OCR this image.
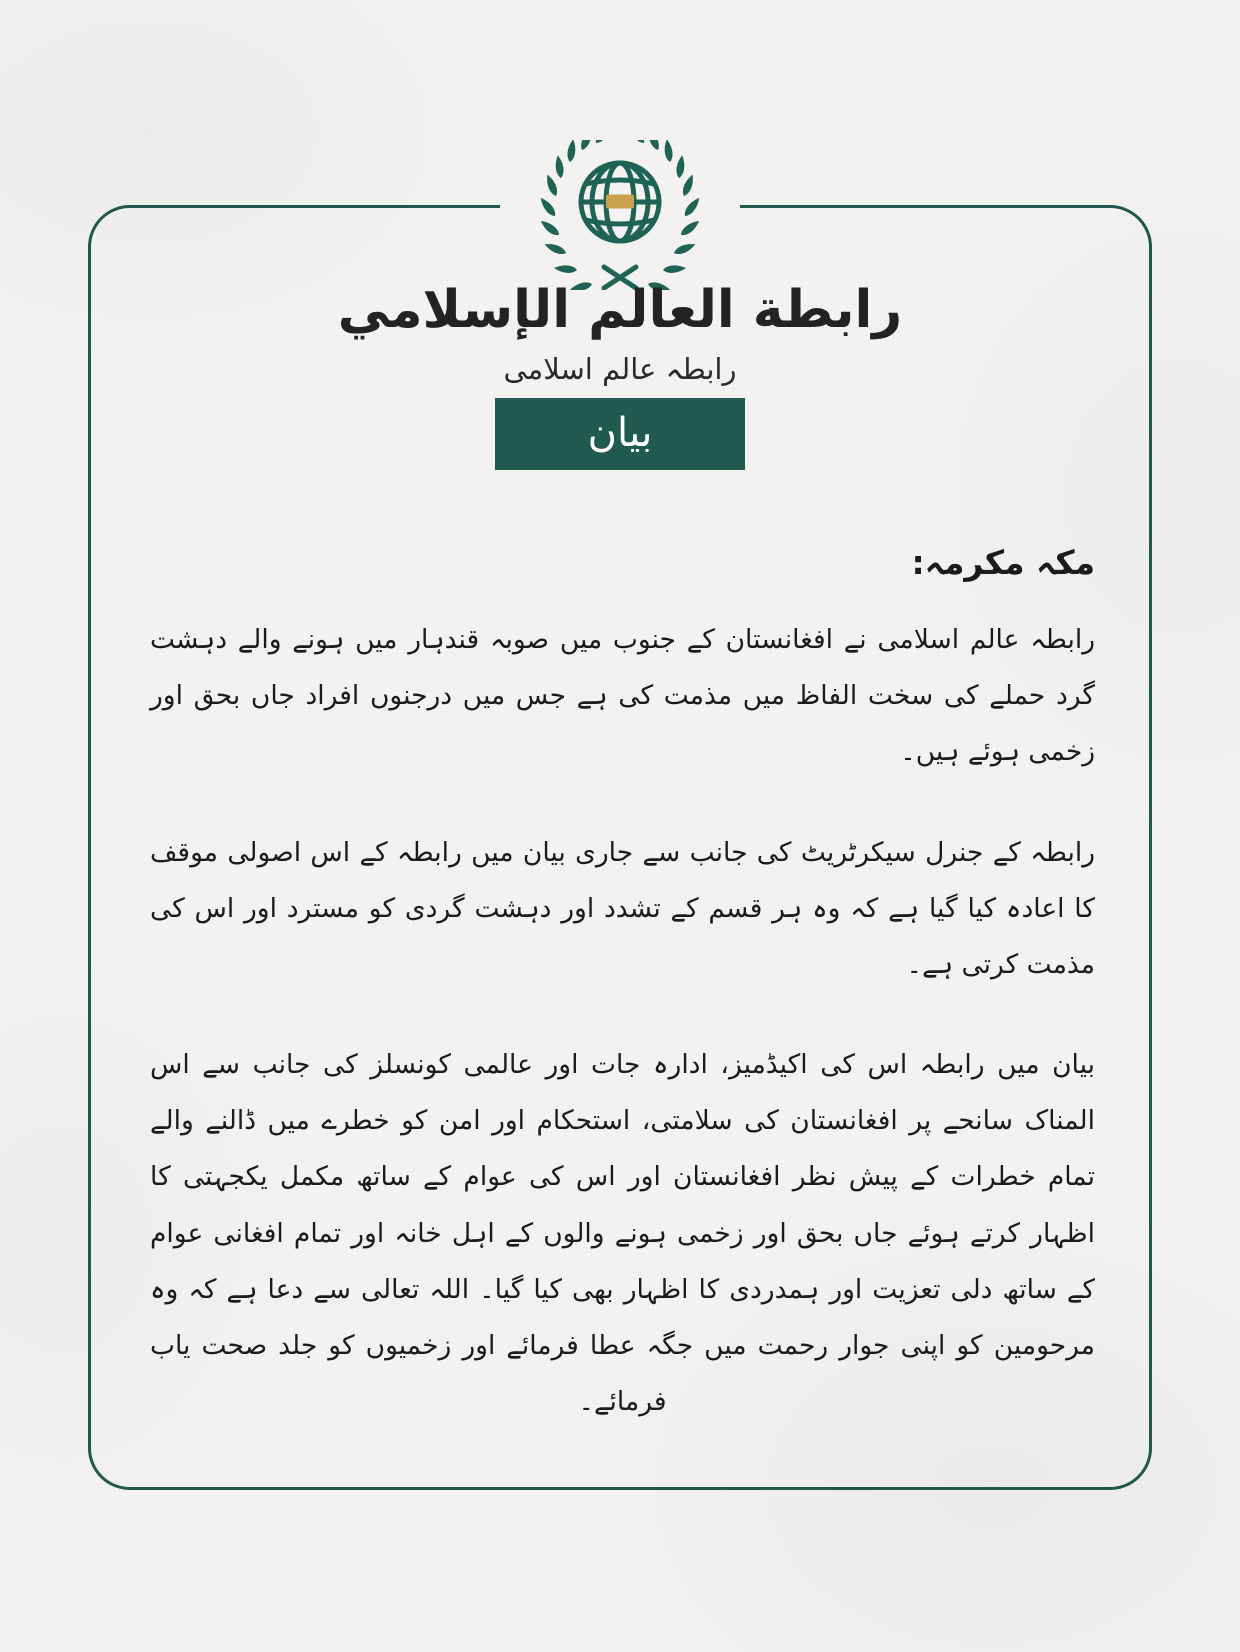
رابطة العالم الإسلامي
رابطہ عالم اسلامی
بیان

مکہ مکرمہ:

رابطہ عالم اسلامی نے افغانستان کے جنوب میں صوبہ قندہار میں ہونے والے دہشت گرد حملے کی سخت الفاظ میں مذمت کی ہے جس میں درجنوں افراد جاں بحق اور زخمی ہوئے ہیں۔

رابطہ کے جنرل سیکرٹریٹ کی جانب سے جاری بیان میں رابطہ کے اس اصولی موقف کا اعادہ کیا گیا ہے کہ وہ ہر قسم کے تشدد اور دہشت گردی کو مسترد اور اس کی مذمت کرتی ہے۔

بیان میں رابطہ اس کی اکیڈمیز، ادارہ جات اور عالمی کونسلز کی جانب سے اس المناک سانحے پر افغانستان کی سلامتی، استحکام اور امن کو خطرے میں ڈالنے والے تمام خطرات کے پیش نظر افغانستان اور اس کی عوام کے ساتھ مکمل یکجہتی کا اظہار کرتے ہوئے جاں بحق اور زخمی ہونے والوں کے اہل خانہ اور تمام افغانی عوام کے ساتھ دلی تعزیت اور ہمدردی کا اظہار بھی کیا گیا۔ اللہ تعالی سے دعا ہے کہ وہ مرحومین کو اپنی جوار رحمت میں جگہ عطا فرمائے اور زخمیوں کو جلد صحت یاب فرمائے۔
